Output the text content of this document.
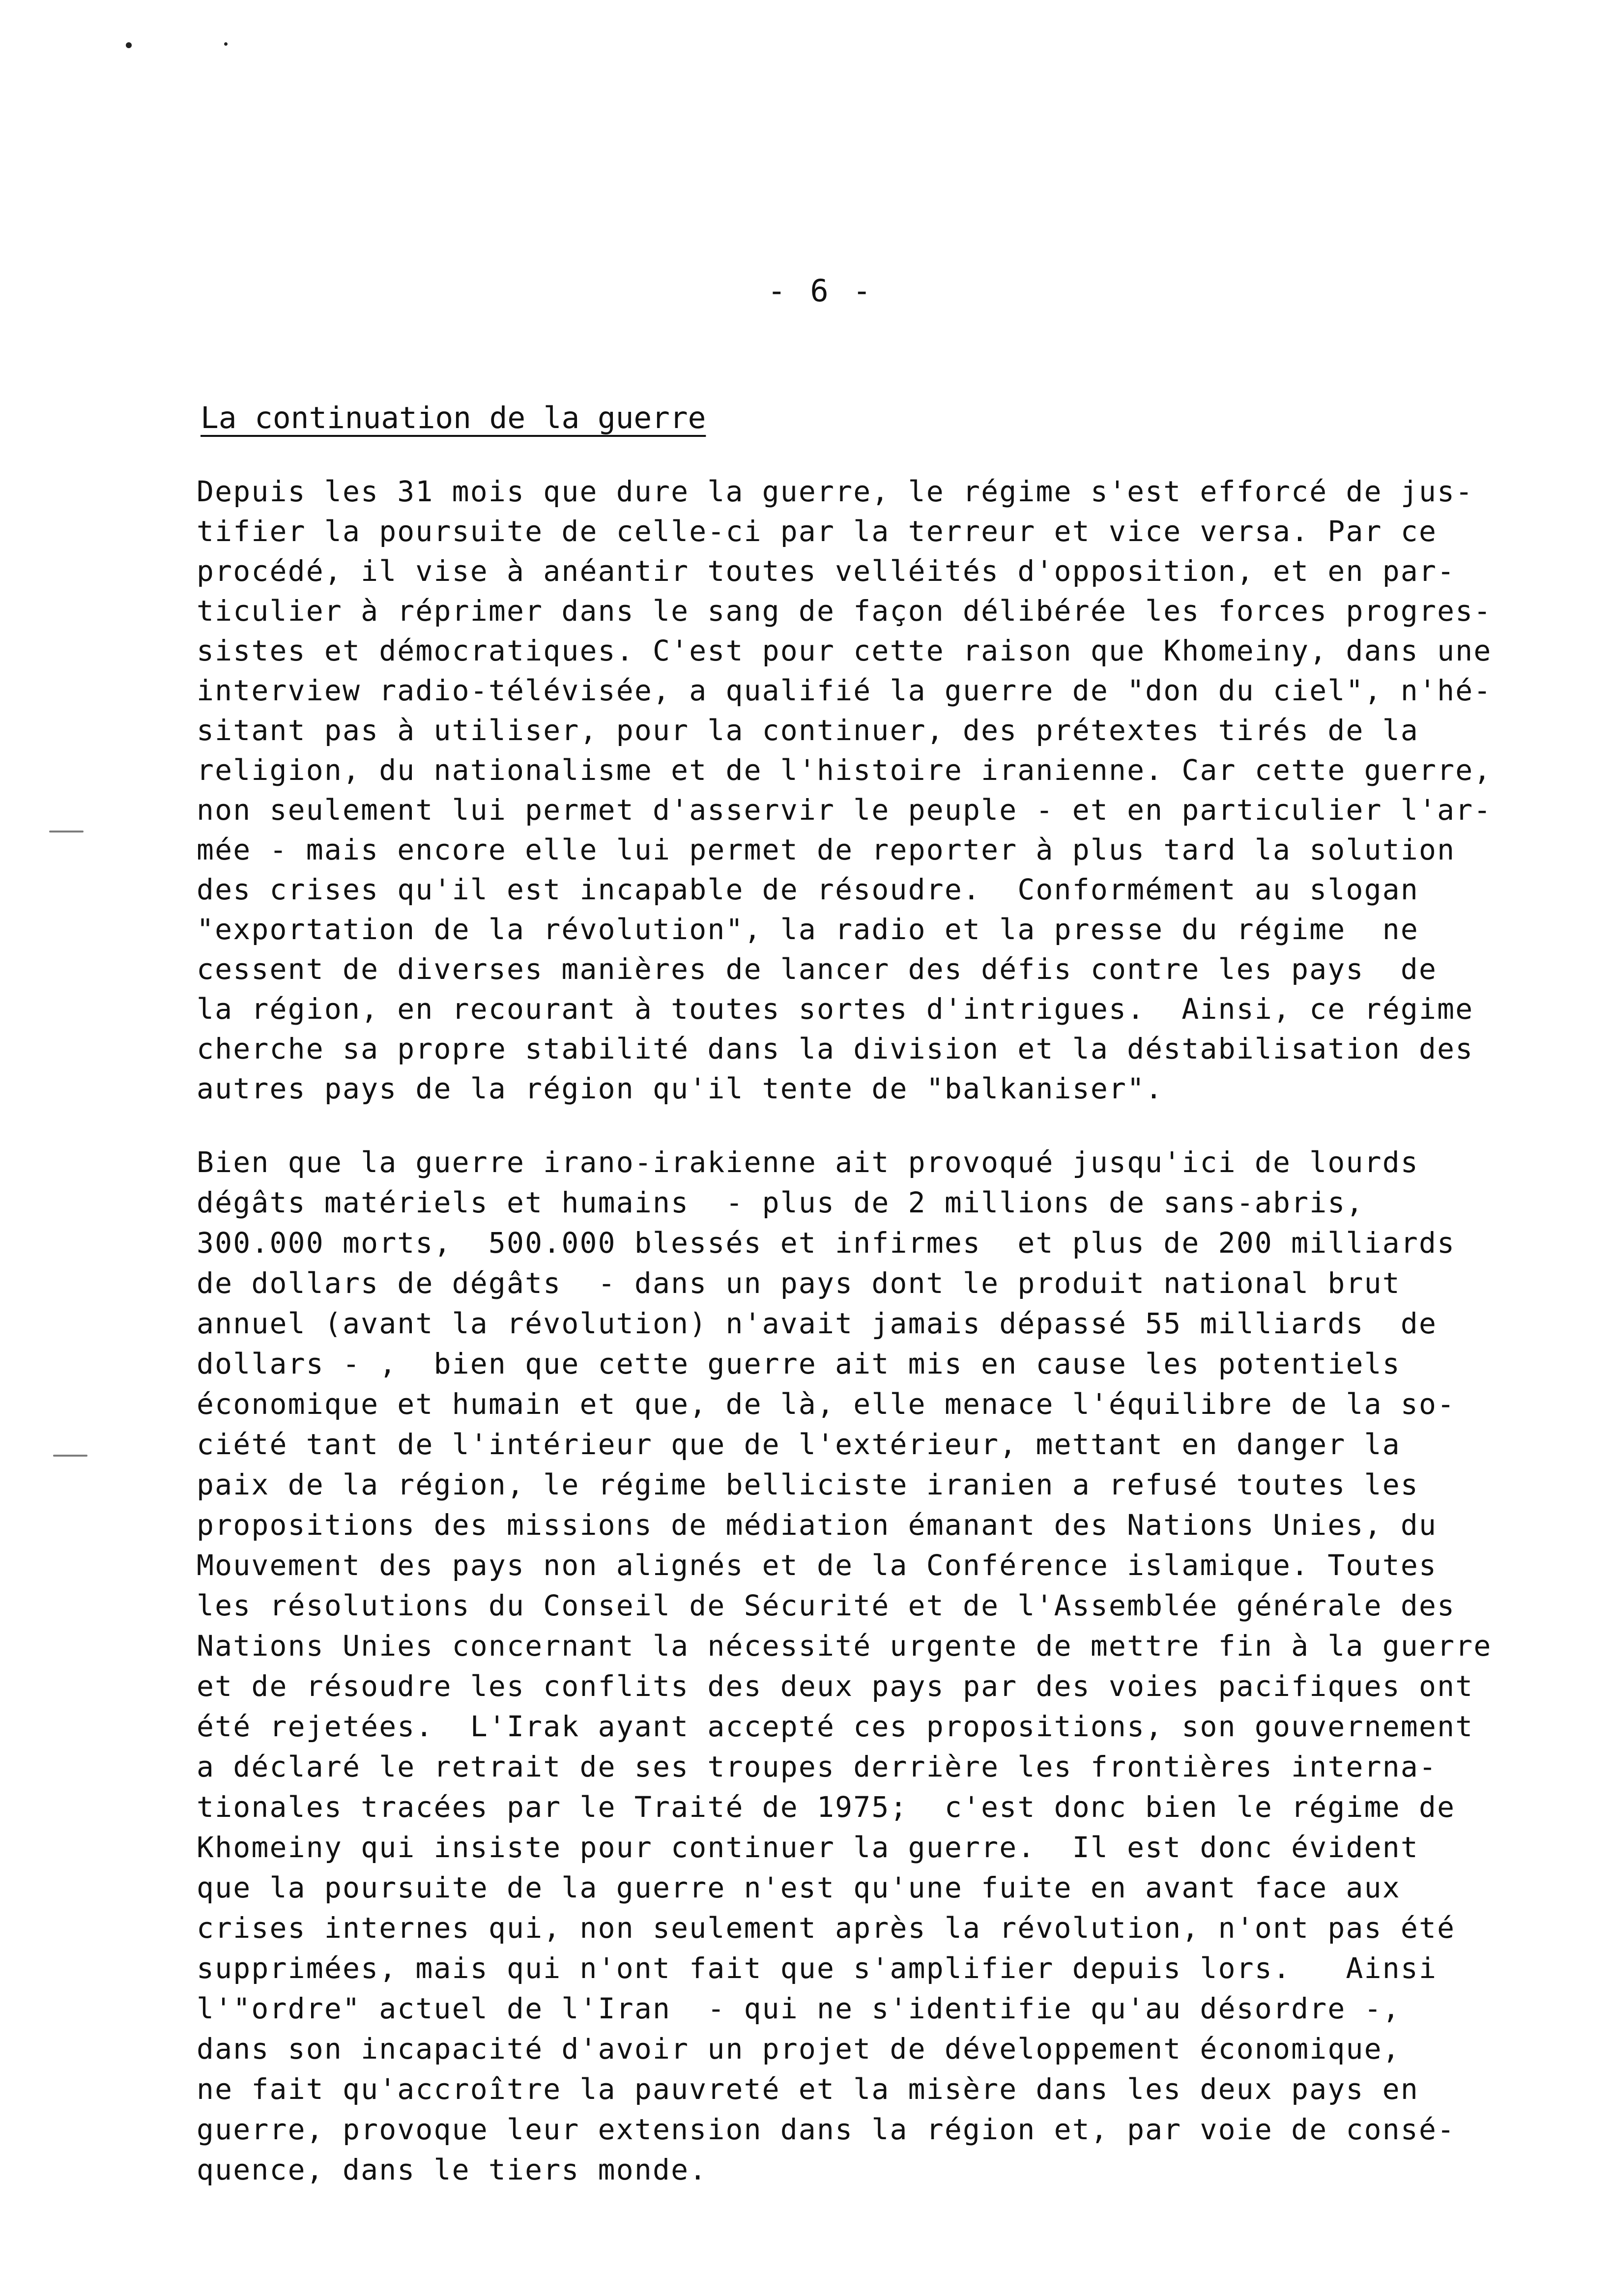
- 6 -
La continuation de la guerre
Depuis les 31 mois que dure la guerre, le régime s'est efforcé de jus-
tifier la poursuite de celle-ci par la terreur et vice versa. Par ce
procédé, il vise à anéantir toutes velléités d'opposition, et en par-
ticulier à réprimer dans le sang de façon délibérée les forces progres-
sistes et démocratiques. C'est pour cette raison que Khomeiny, dans une
interview radio-télévisée, a qualifié la guerre de "don du ciel", n'hé-
sitant pas à utiliser, pour la continuer, des prétextes tirés de la
religion, du nationalisme et de l'histoire iranienne. Car cette guerre,
non seulement lui permet d'asservir le peuple - et en particulier l'ar-
mée - mais encore elle lui permet de reporter à plus tard la solution
des crises qu'il est incapable de résoudre.  Conformément au slogan
"exportation de la révolution", la radio et la presse du régime  ne
cessent de diverses manières de lancer des défis contre les pays  de
la région, en recourant à toutes sortes d'intrigues.  Ainsi, ce régime
cherche sa propre stabilité dans la division et la déstabilisation des
autres pays de la région qu'il tente de "balkaniser".
Bien que la guerre irano-irakienne ait provoqué jusqu'ici de lourds
dégâts matériels et humains  - plus de 2 millions de sans-abris,
300.000 morts,  500.000 blessés et infirmes  et plus de 200 milliards
de dollars de dégâts  - dans un pays dont le produit national brut
annuel (avant la révolution) n'avait jamais dépassé 55 milliards  de
dollars - ,  bien que cette guerre ait mis en cause les potentiels
économique et humain et que, de là, elle menace l'équilibre de la so-
ciété tant de l'intérieur que de l'extérieur, mettant en danger la
paix de la région, le régime belliciste iranien a refusé toutes les
propositions des missions de médiation émanant des Nations Unies, du
Mouvement des pays non alignés et de la Conférence islamique. Toutes
les résolutions du Conseil de Sécurité et de l'Assemblée générale des
Nations Unies concernant la nécessité urgente de mettre fin à la guerre
et de résoudre les conflits des deux pays par des voies pacifiques ont
été rejetées.  L'Irak ayant accepté ces propositions, son gouvernement
a déclaré le retrait de ses troupes derrière les frontières interna-
tionales tracées par le Traité de 1975;  c'est donc bien le régime de
Khomeiny qui insiste pour continuer la guerre.  Il est donc évident
que la poursuite de la guerre n'est qu'une fuite en avant face aux
crises internes qui, non seulement après la révolution, n'ont pas été
supprimées, mais qui n'ont fait que s'amplifier depuis lors.   Ainsi
l'"ordre" actuel de l'Iran  - qui ne s'identifie qu'au désordre -,
dans son incapacité d'avoir un projet de développement économique,
ne fait qu'accroître la pauvreté et la misère dans les deux pays en
guerre, provoque leur extension dans la région et, par voie de consé-
quence, dans le tiers monde.
